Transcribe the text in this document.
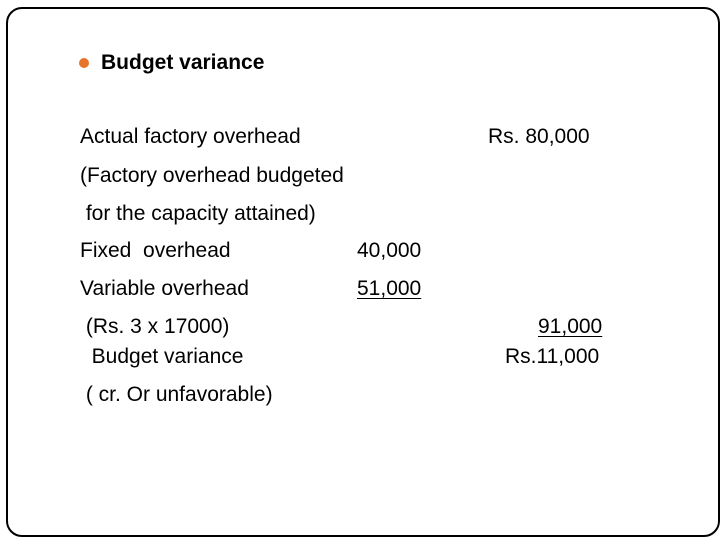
Budget variance
Actual factory overhead	Rs. 80,000
(Factory overhead budgeted
for the capacity attained)
Fixed  overhead	40,000
Variable overhead	51,000
(Rs. 3 x 17000)	91,000
Budget variance	Rs.11,000
( cr. Or unfavorable)
